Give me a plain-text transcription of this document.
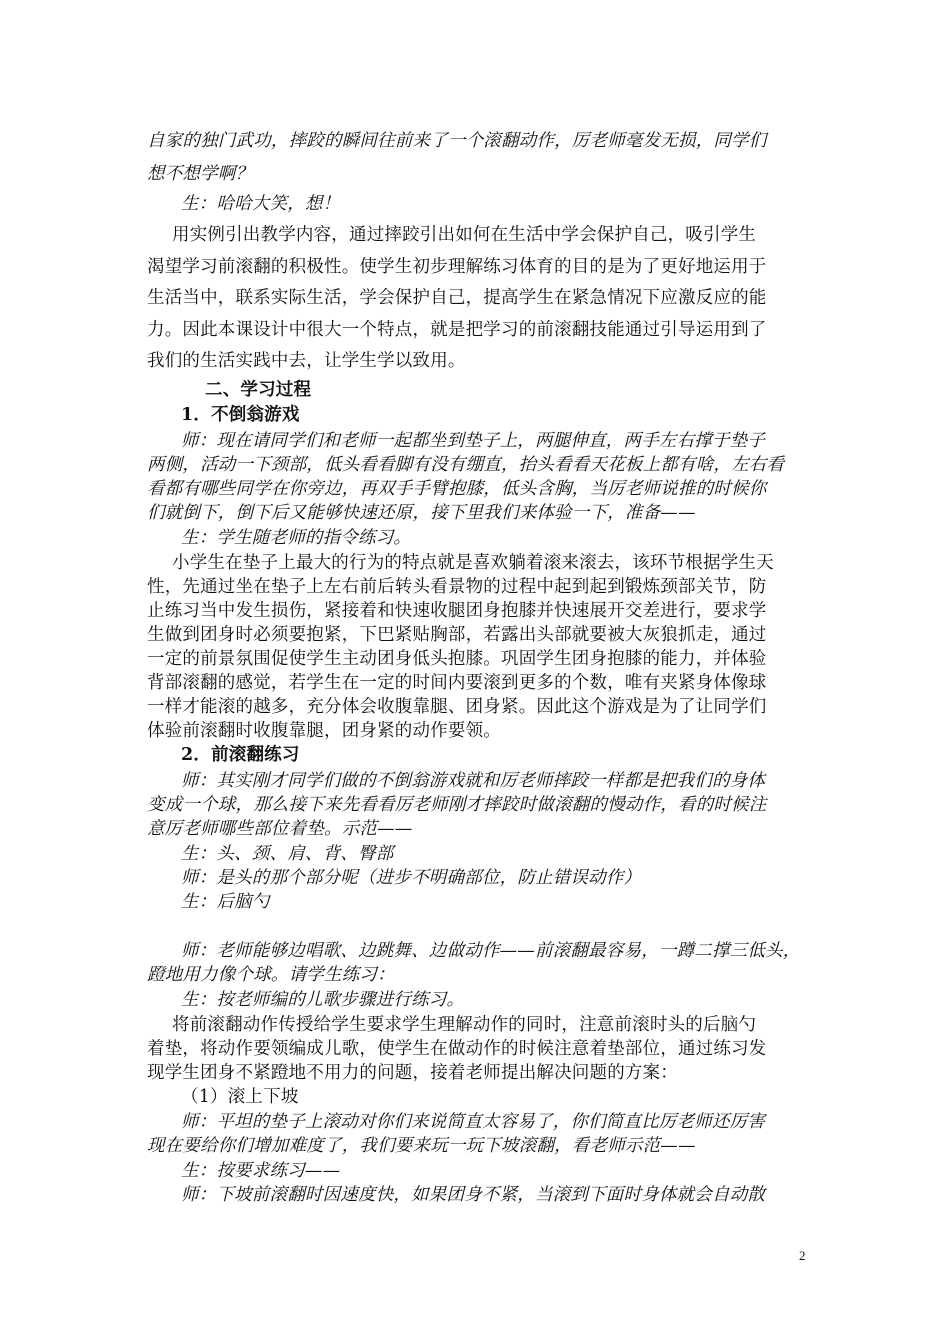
自家的独门武功，摔跤的瞬间往前来了一个滚翻动作，厉老师毫发无损，同学们
想不想学啊？
生：哈哈大笑，想！
用实例引出教学内容，通过摔跤引出如何在生活中学会保护自己，吸引学生
渴望学习前滚翻的积极性。使学生初步理解练习体育的目的是为了更好地运用于
生活当中，联系实际生活，学会保护自己，提高学生在紧急情况下应激反应的能
力。因此本课设计中很大一个特点，就是把学习的前滚翻技能通过引导运用到了
我们的生活实践中去，让学生学以致用。
二、学习过程
1．不倒翁游戏
师：现在请同学们和老师一起都坐到垫子上，两腿伸直，两手左右撑于垫子
两侧，活动一下颈部，低头看看脚有没有绷直，抬头看看天花板上都有啥，左右看
看都有哪些同学在你旁边，再双手手臂抱膝，低头含胸，当厉老师说推的时候你
们就倒下，倒下后又能够快速还原，接下里我们来体验一下，准备——
生：学生随老师的指令练习。
小学生在垫子上最大的行为的特点就是喜欢躺着滚来滚去，该环节根据学生天
性，先通过坐在垫子上左右前后转头看景物的过程中起到起到锻炼颈部关节，防
止练习当中发生损伤，紧接着和快速收腿团身抱膝并快速展开交差进行，要求学
生做到团身时必须要抱紧，下巴紧贴胸部，若露出头部就要被大灰狼抓走，通过
一定的前景氛围促使学生主动团身低头抱膝。巩固学生团身抱膝的能力，并体验
背部滚翻的感觉，若学生在一定的时间内要滚到更多的个数，唯有夹紧身体像球
一样才能滚的越多，充分体会收腹靠腿、团身紧。因此这个游戏是为了让同学们
体验前滚翻时收腹靠腿，团身紧的动作要领。
2．前滚翻练习
师：其实刚才同学们做的不倒翁游戏就和厉老师摔跤一样都是把我们的身体
变成一个球，那么接下来先看看厉老师刚才摔跤时做滚翻的慢动作，看的时候注
意厉老师哪些部位着垫。示范——
生：头、颈、肩、背、臀部
师：是头的那个部分呢（进步不明确部位，防止错误动作）
生：后脑勺
师：老师能够边唱歌、边跳舞、边做动作——前滚翻最容易，一蹲二撑三低头，
蹬地用力像个球。请学生练习：
生：按老师编的儿歌步骤进行练习。
将前滚翻动作传授给学生要求学生理解动作的同时，注意前滚时头的后脑勺
着垫，将动作要领编成儿歌，使学生在做动作的时候注意着垫部位，通过练习发
现学生团身不紧蹬地不用力的问题，接着老师提出解决问题的方案：
（1）滚上下坡
师：平坦的垫子上滚动对你们来说简直太容易了，你们简直比厉老师还厉害
现在要给你们增加难度了，我们要来玩一玩下坡滚翻，看老师示范——
生：按要求练习——
师：下坡前滚翻时因速度快，如果团身不紧，当滚到下面时身体就会自动散
2
